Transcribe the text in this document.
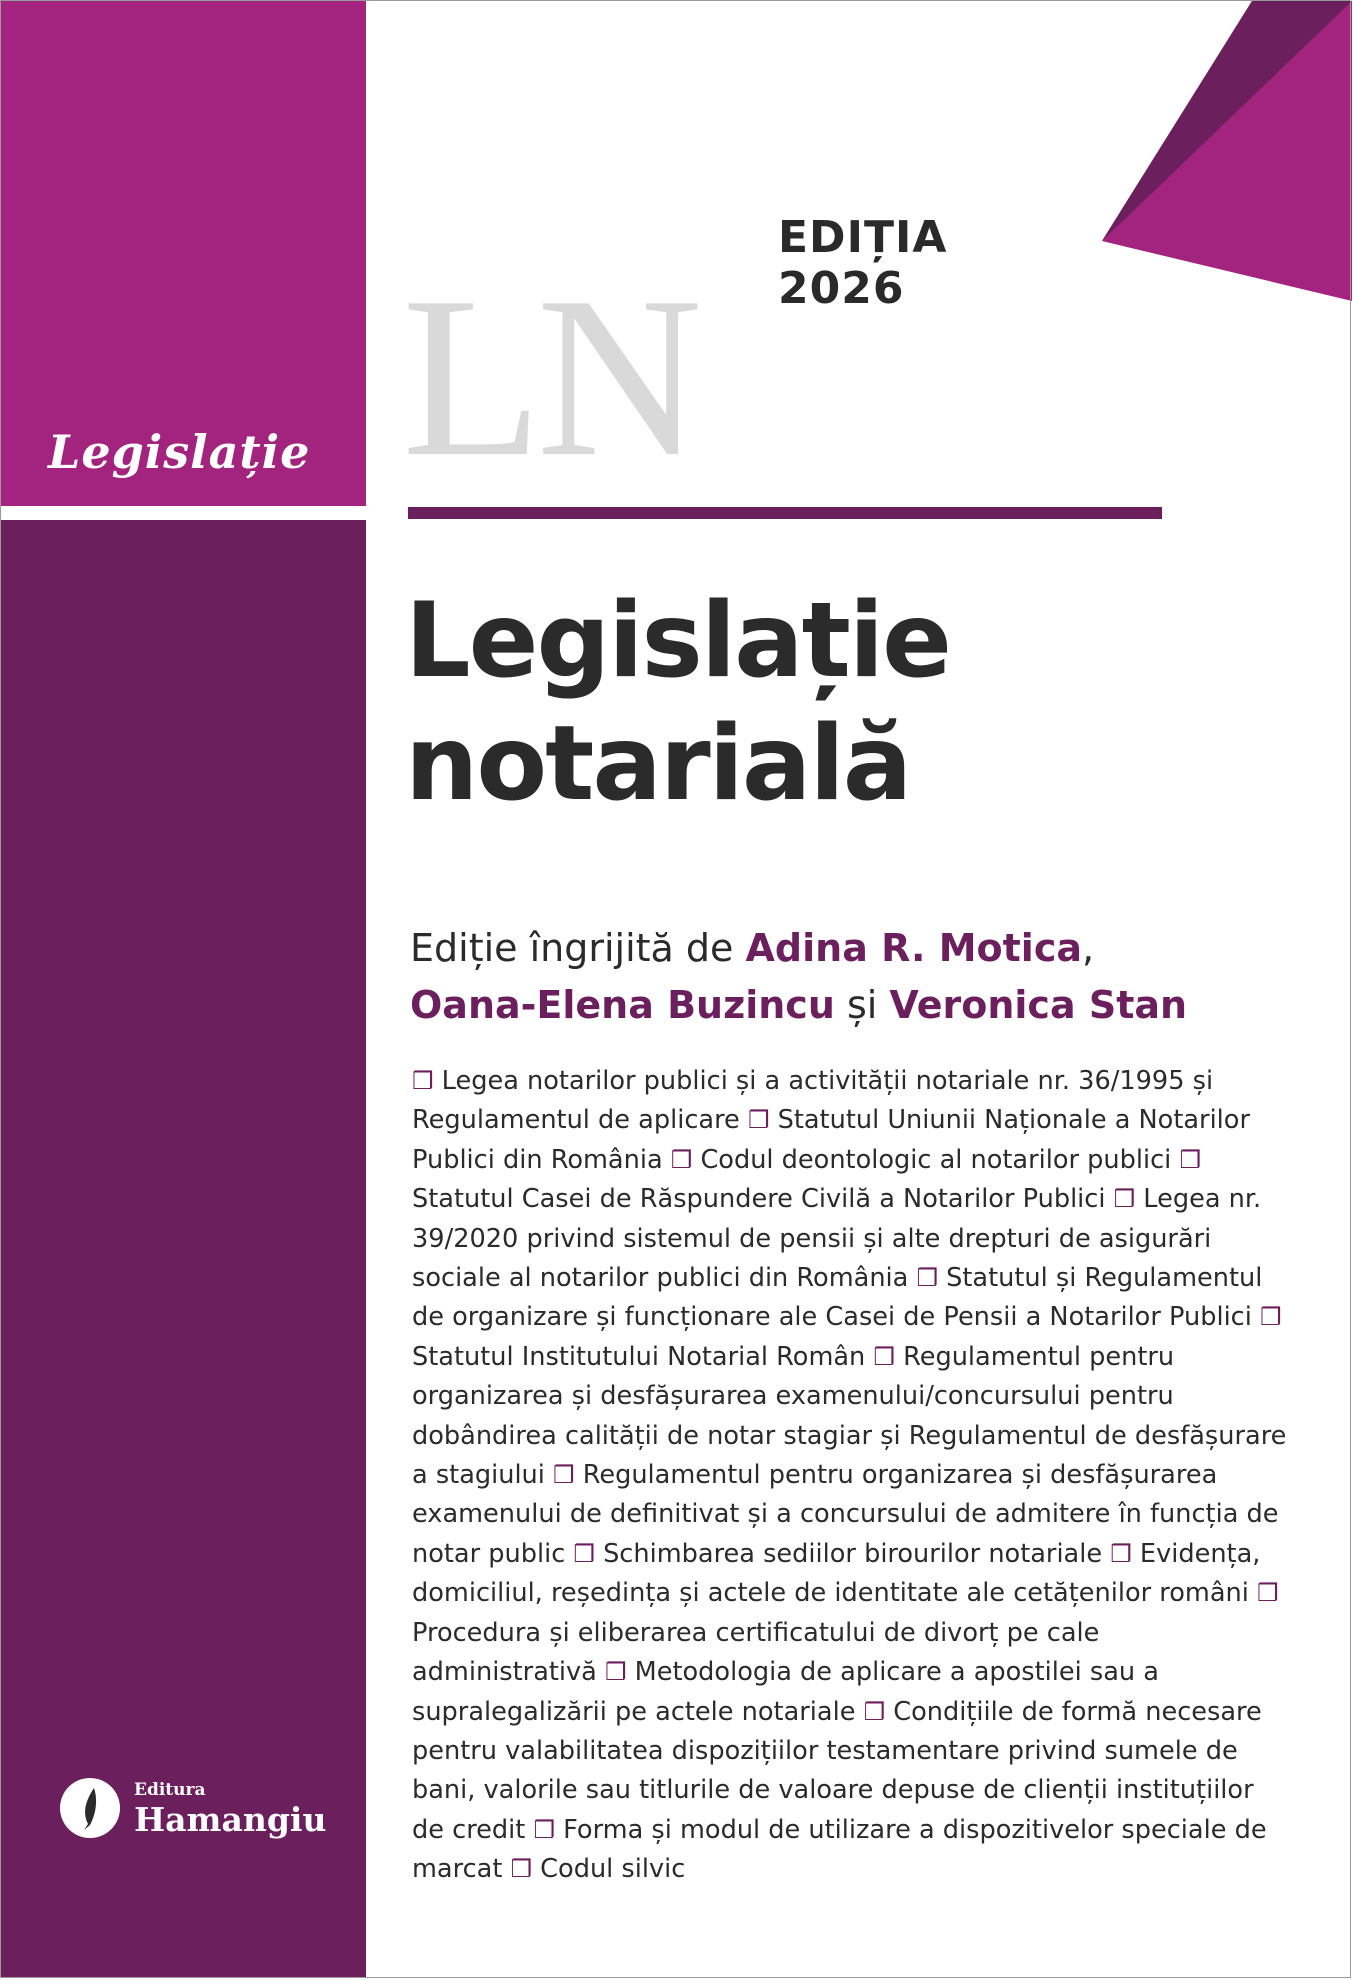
Legislație
EDIȚIA 2026
LN
Legislație
notarială
Ediție îngrijită de Adina R. Motica,
Oana-Elena Buzincu și Veronica Stan
❒ Legea notarilor publici și a activității notariale nr. 36/1995 și Regulamentul de aplicare ❒ Statutul Uniunii Naționale a Notarilor Publici din România ❒ Codul deontologic al notarilor publici ❒ Statutul Casei de Răspundere Civilă a Notarilor Publici ❒ Legea nr. 39/2020 privind sistemul de pensii și alte drepturi de asigurări sociale al notarilor publici din România ❒ Statutul și Regulamentul de organizare și funcționare ale Casei de Pensii a Notarilor Publici ❒ Statutul Institutului Notarial Român ❒ Regulamentul pentru organizarea și desfășurarea examenului/concursului pentru dobândirea calității de notar stagiar și Regulamentul de desfășurare a stagiului ❒ Regulamentul pentru organizarea și desfășurarea examenului de definitivat și a concursului de admitere în funcția de notar public ❒ Schimbarea sediilor birourilor notariale ❒ Evidența, domiciliul, reședința și actele de identitate ale cetățenilor români ❒ Procedura și eliberarea certificatului de divorț pe cale administrativă ❒ Metodologia de aplicare a apostilei sau a supralegalizării pe actele notariale ❒ Condițiile de formă necesare pentru valabilitatea dispozițiilor testamentare privind sumele de bani, valorile sau titlurile de valoare depuse de clienții instituțiilor de credit ❒ Forma și modul de utilizare a dispozitivelor speciale de marcat ❒ Codul silvic
Editura
Hamangiu
